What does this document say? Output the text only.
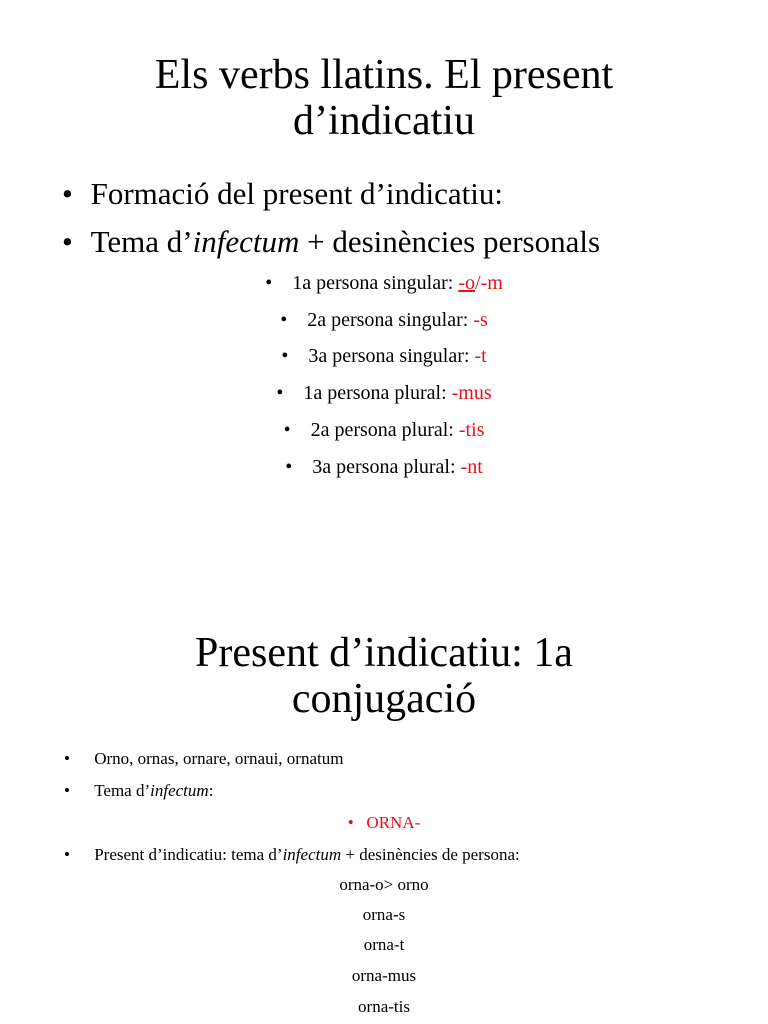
Els verbs llatins. El present
d’indicatiu
• Formació del present d’indicatiu:
• Tema d’infectum + desinències personals
• 1a persona singular: -o/-m
• 2a persona singular: -s
• 3a persona singular: -t
• 1a persona plural: -mus
• 2a persona plural: -tis
• 3a persona plural: -nt
Present d’indicatiu: 1a
conjugació
• Orno, ornas, ornare, ornaui, ornatum
• Tema d’infectum:
• ORNA-
• Present d’indicatiu: tema d’infectum + desinències de persona:
orna-o> orno
orna-s
orna-t
orna-mus
orna-tis
